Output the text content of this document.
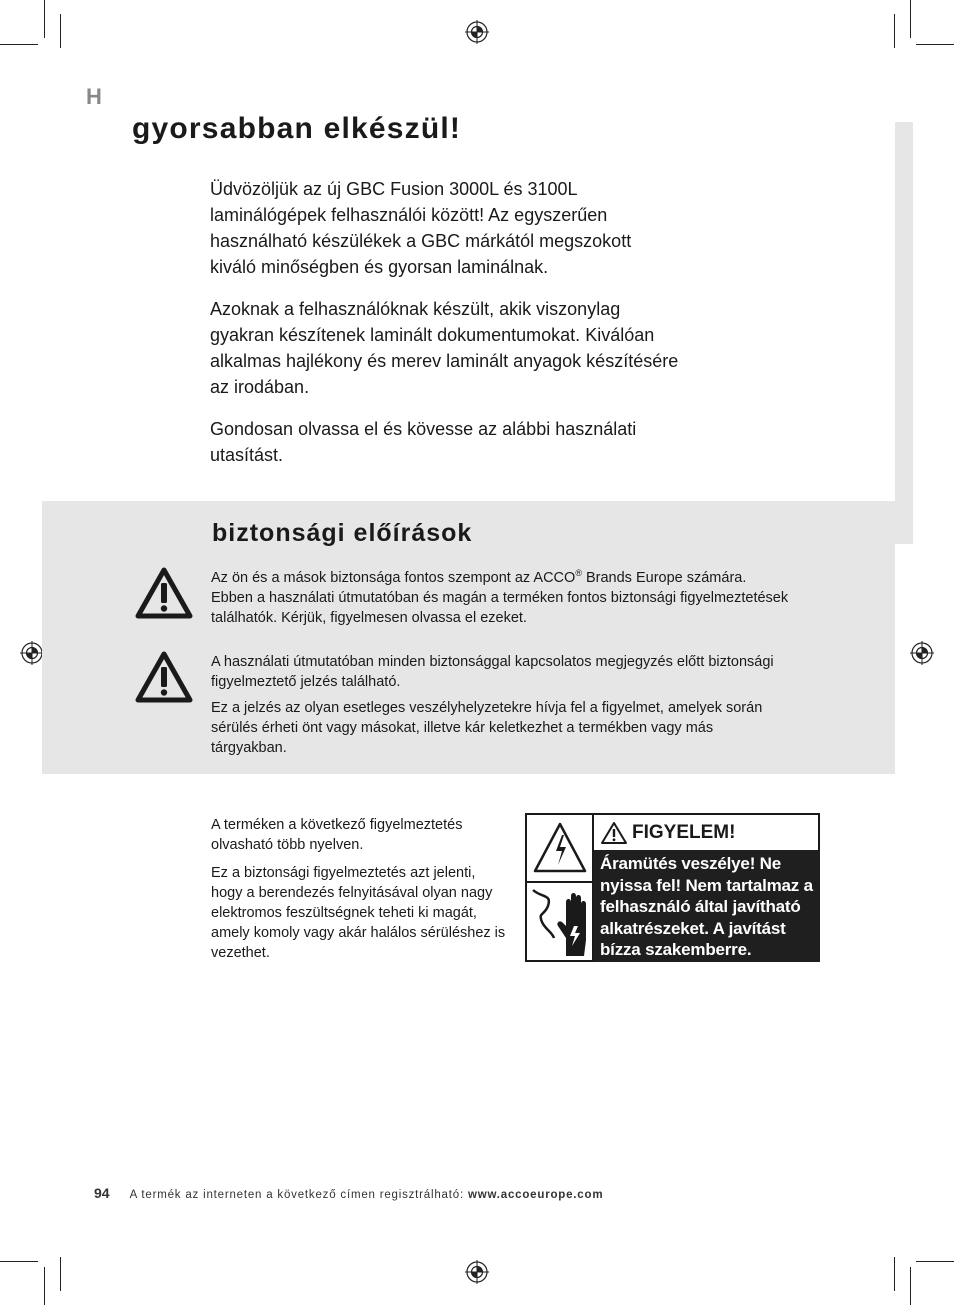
H
gyorsabban elkészül!

Üdvözöljük az új GBC Fusion 3000L és 3100L laminálógépek felhasználói között! Az egyszerűen használható készülékek a GBC márkától megszokott kiváló minőségben és gyorsan laminálnak.

Azoknak a felhasználóknak készült, akik viszonylag gyakran készítenek laminált dokumentumokat. Kiválóan alkalmas hajlékony és merev laminált anyagok készítésére az irodában.

Gondosan olvassa el és kövesse az alábbi használati utasítást.

biztonsági előírások

Az ön és a mások biztonsága fontos szempont az ACCO® Brands Europe számára. Ebben a használati útmutatóban és magán a terméken fontos biztonsági figyelmeztetések találhatók. Kérjük, figyelmesen olvassa el ezeket.

A használati útmutatóban minden biztonsággal kapcsolatos megjegyzés előtt biztonsági figyelmeztető jelzés található.

Ez a jelzés az olyan esetleges veszélyhelyzetekre hívja fel a figyelmet, amelyek során sérülés érheti önt vagy másokat, illetve kár keletkezhet a termékben vagy más tárgyakban.

A terméken a következő figyelmeztetés olvasható több nyelven.

Ez a biztonsági figyelmeztetés azt jelenti, hogy a berendezés felnyitásával olyan nagy elektromos feszültségnek teheti ki magát, amely komoly vagy akár halálos sérüléshez is vezethet.

FIGYELEM!
Áramütés veszélye! Ne nyissa fel! Nem tartalmaz a felhasználó által javítható alkatrészeket. A javítást bízza szakemberre.
94 A termék az interneten a következő címen regisztrálható: www.accoeurope.com
